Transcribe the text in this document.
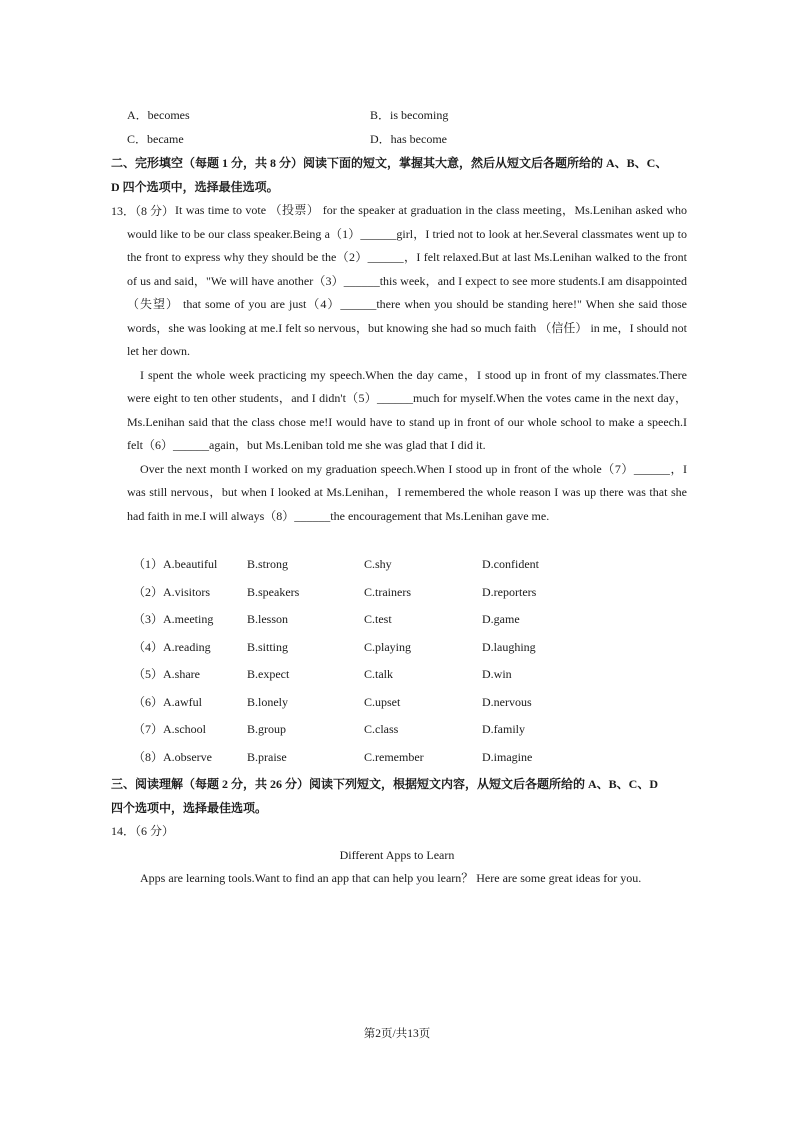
A．becomes	B．is becoming
C．became	D．has become
二、完形填空（每题 1 分，共 8 分）阅读下面的短文，掌握其大意，然后从短文后各题所给的 A、B、C、
D 四个选项中，选择最佳选项。
13．（8 分） It was time to vote （投票） for the speaker at graduation in the class meeting，Ms.Lenihan asked who would like to be our class speaker.Being a（1）______girl，I tried not to look at her.Several classmates went up to the front to express why they should be the（2）______，I felt relaxed.But at last Ms.Lenihan walked to the front of us and said，"We will have another（3）______this week，and I expect to see more students.I am disappointed （失望） that some of you are just（4）______there when you should be standing here!" When she said those words，she was looking at me.I felt so nervous，but knowing she had so much faith （信任） in me，I should not let her down.

I spent the whole week practicing my speech.When the day came，I stood up in front of my classmates.There were eight to ten other students，and I didn't（5）______much for myself.When the votes came in the next day，Ms.Lenihan said that the class chose me!I would have to stand up in front of our whole school to make a speech.I felt（6）______again，but Ms.Leniban told me she was glad that I did it.

Over the next month I worked on my graduation speech.When I stood up in front of the whole（7）______，I was still nervous，but when I looked at Ms.Lenihan，I remembered the whole reason I was up there was that she had faith in me.I will always（8）______the encouragement that Ms.Lenihan gave me.

（1）A.beautiful B.strong	C.shy	D.confident
（2）A.visitors	B.speakers	C.trainers	D.reporters
（3）A.meeting	B.lesson	C.test	D.game
（4）A.reading	B.sitting	C.playing	D.laughing
（5）A.share	B.expect	C.talk	D.win
（6）A.awful	B.lonely	C.upset	D.nervous
（7）A.school	B.group	C.class	D.family
（8）A.observe	B.praise	C.remember	D.imagine
三、阅读理解（每题 2 分，共 26 分）阅读下列短文，根据短文内容，从短文后各题所给的 A、B、C、D
四个选项中，选择最佳选项。
14．（6 分）
Different Apps to Learn
Apps are learning tools.Want to find an app that can help you learn？ Here are some great ideas for you.
第2页/共13页
